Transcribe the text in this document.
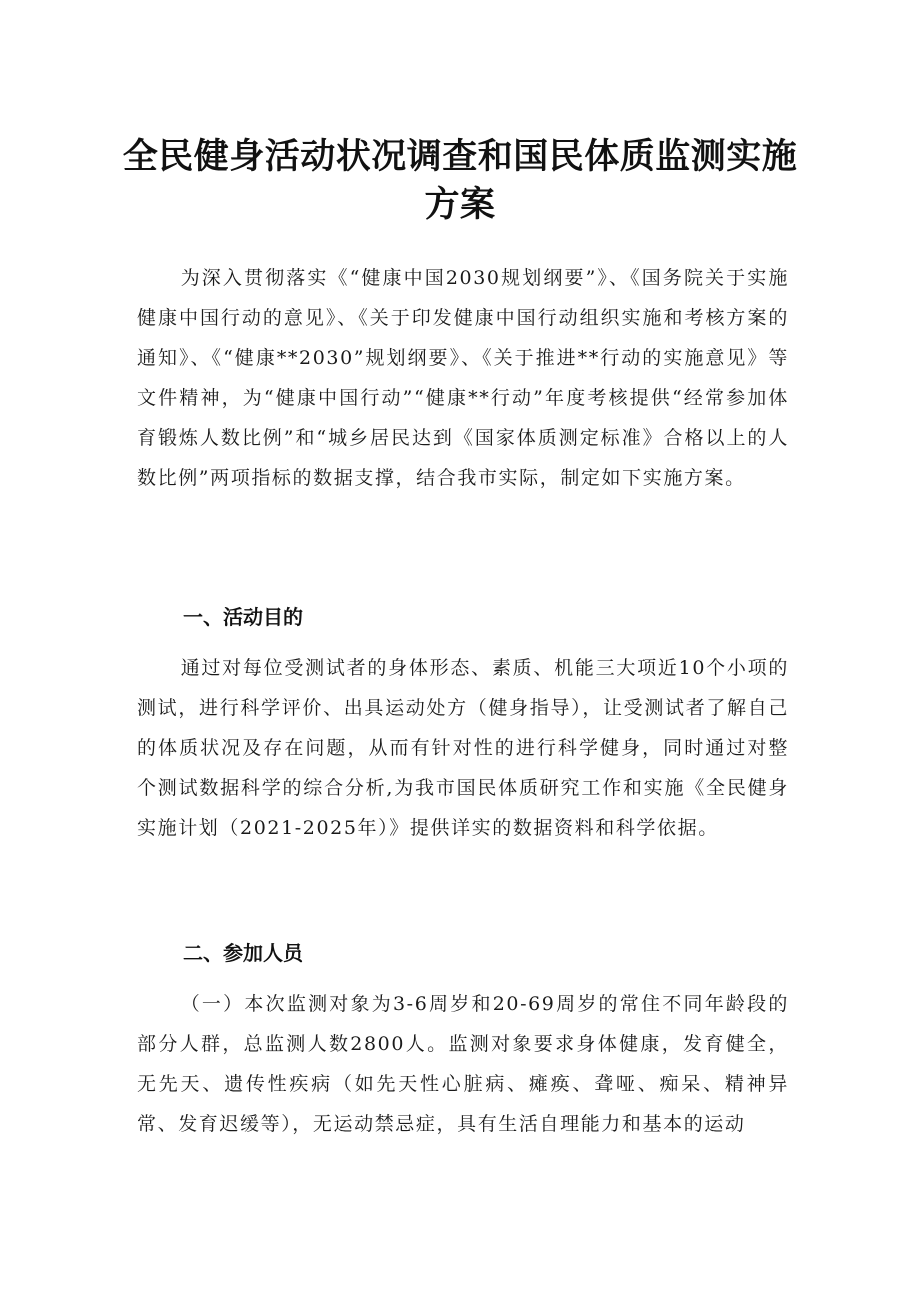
全民健身活动状况调查和国民体质监测实施
方案

为深入贯彻落实《“健康中国2030规划纲要”》、《国务院关于实施健康中国行动的意见》、《关于印发健康中国行动组织实施和考核方案的通知》、《“健康**2030”规划纲要》、《关于推进**行动的实施意见》等文件精神，为“健康中国行动”“健康**行动”年度考核提供“经常参加体育锻炼人数比例”和“城乡居民达到《国家体质测定标准》合格以上的人数比例”两项指标的数据支撑，结合我市实际，制定如下实施方案。

一、活动目的

通过对每位受测试者的身体形态、素质、机能三大项近10个小项的测试，进行科学评价、出具运动处方（健身指导），让受测试者了解自己的体质状况及存在问题，从而有针对性的进行科学健身，同时通过对整个测试数据科学的综合分析,为我市国民体质研究工作和实施《全民健身实施计划（2021-2025年）》提供详实的数据资料和科学依据。

二、参加人员

（一）本次监测对象为3-6周岁和20-69周岁的常住不同年龄段的部分人群，总监测人数2800人。监测对象要求身体健康，发育健全，无先天、遗传性疾病（如先天性心脏病、瘫痪、聋哑、痴呆、精神异常、发育迟缓等），无运动禁忌症，具有生活自理能力和基本的运动
